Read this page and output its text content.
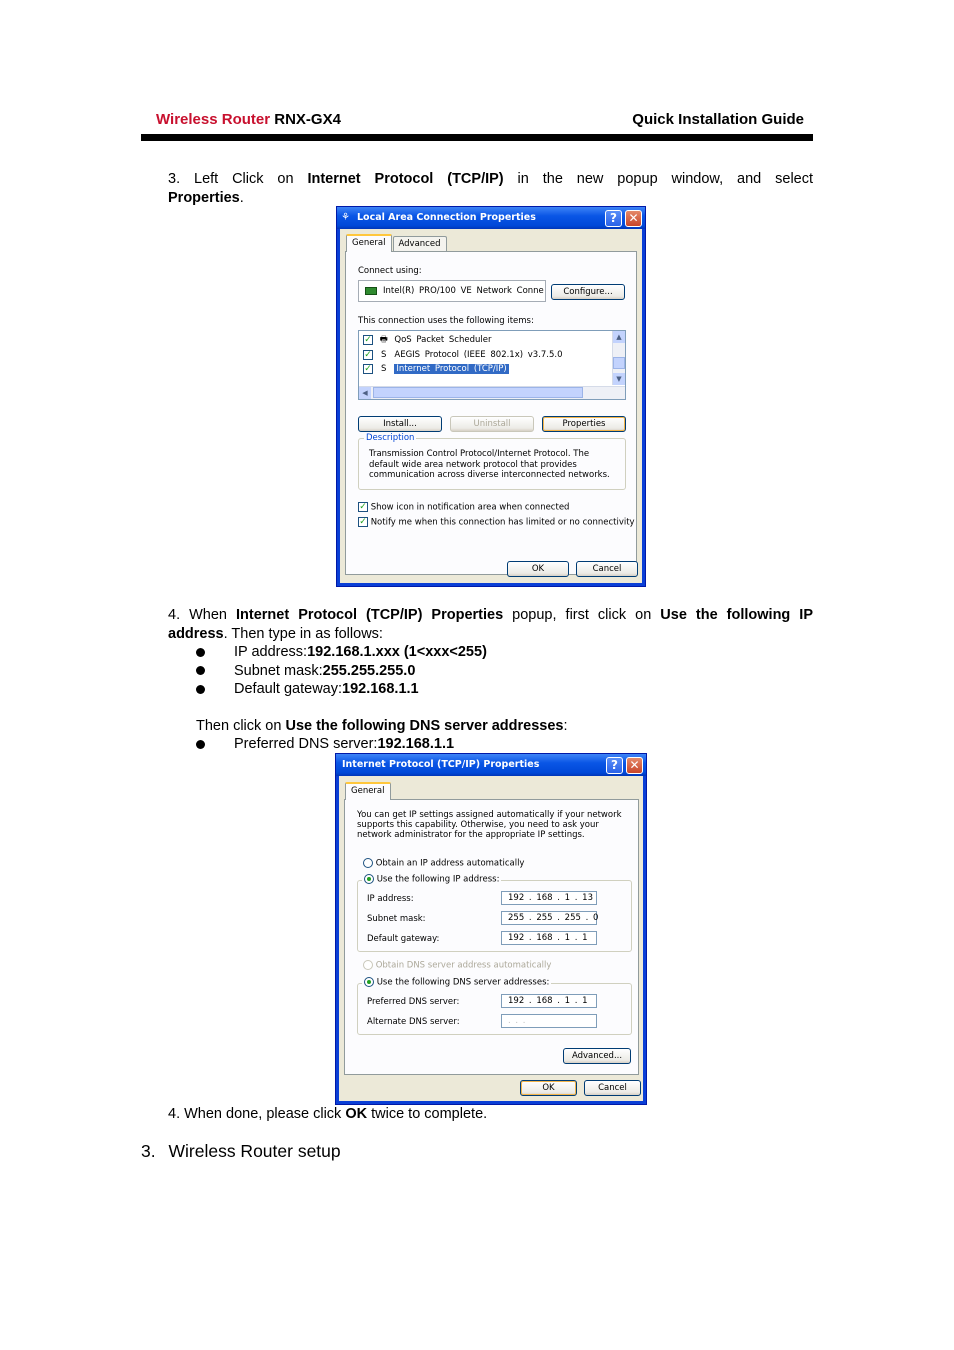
Wireless Router RNX-GX4	Quick Installation Guide
3. Left Click on Internet Protocol (TCP/IP) in the new popup window, and select
Properties.
⚘ Local Area Connection Properties	? ✕
General	Advanced
Connect using:
Intel(R) PRO/100 VE Network Conne	Configure...
This connection uses the following items:
✓ 🖶 QoS Packet Scheduler
✓ Ѕ AEGIS Protocol (IEEE 802.1x) v3.7.5.0
✓ Ѕ Internet Protocol (TCP/IP)
▲
▼
◀
Install...	Uninstall	Properties
Description
Transmission Control Protocol/Internet Protocol. The default wide area network protocol that provides communication across diverse interconnected networks.
✓ Show icon in notification area when connected
✓ Notify me when this connection has limited or no connectivity
OK	Cancel
4. When Internet Protocol (TCP/IP) Properties popup, first click on Use the following IP
address. Then type in as follows:
IP address: 192.168.1.xxx (1<xxx<255)
Subnet mask: 255.255.255.0
Default gateway: 192.168.1.1
Then click on Use the following DNS server addresses:
Preferred DNS server: 192.168.1.1
Internet Protocol (TCP/IP) Properties	? ✕
General
You can get IP settings assigned automatically if your network supports this capability. Otherwise, you need to ask your network administrator for the appropriate IP settings.
Obtain an IP address automatically
Use the following IP address:
IP address:	192 . 168 . 1 . 13
Subnet mask:	255 . 255 . 255 . 0
Default gateway:	192 . 168 . 1 . 1
Obtain DNS server address automatically
Use the following DNS server addresses:
Preferred DNS server:	192 . 168 . 1 . 1
Alternate DNS server:	. . .
Advanced...
OK	Cancel
4. When done, please click OK twice to complete.
3. Wireless Router setup
